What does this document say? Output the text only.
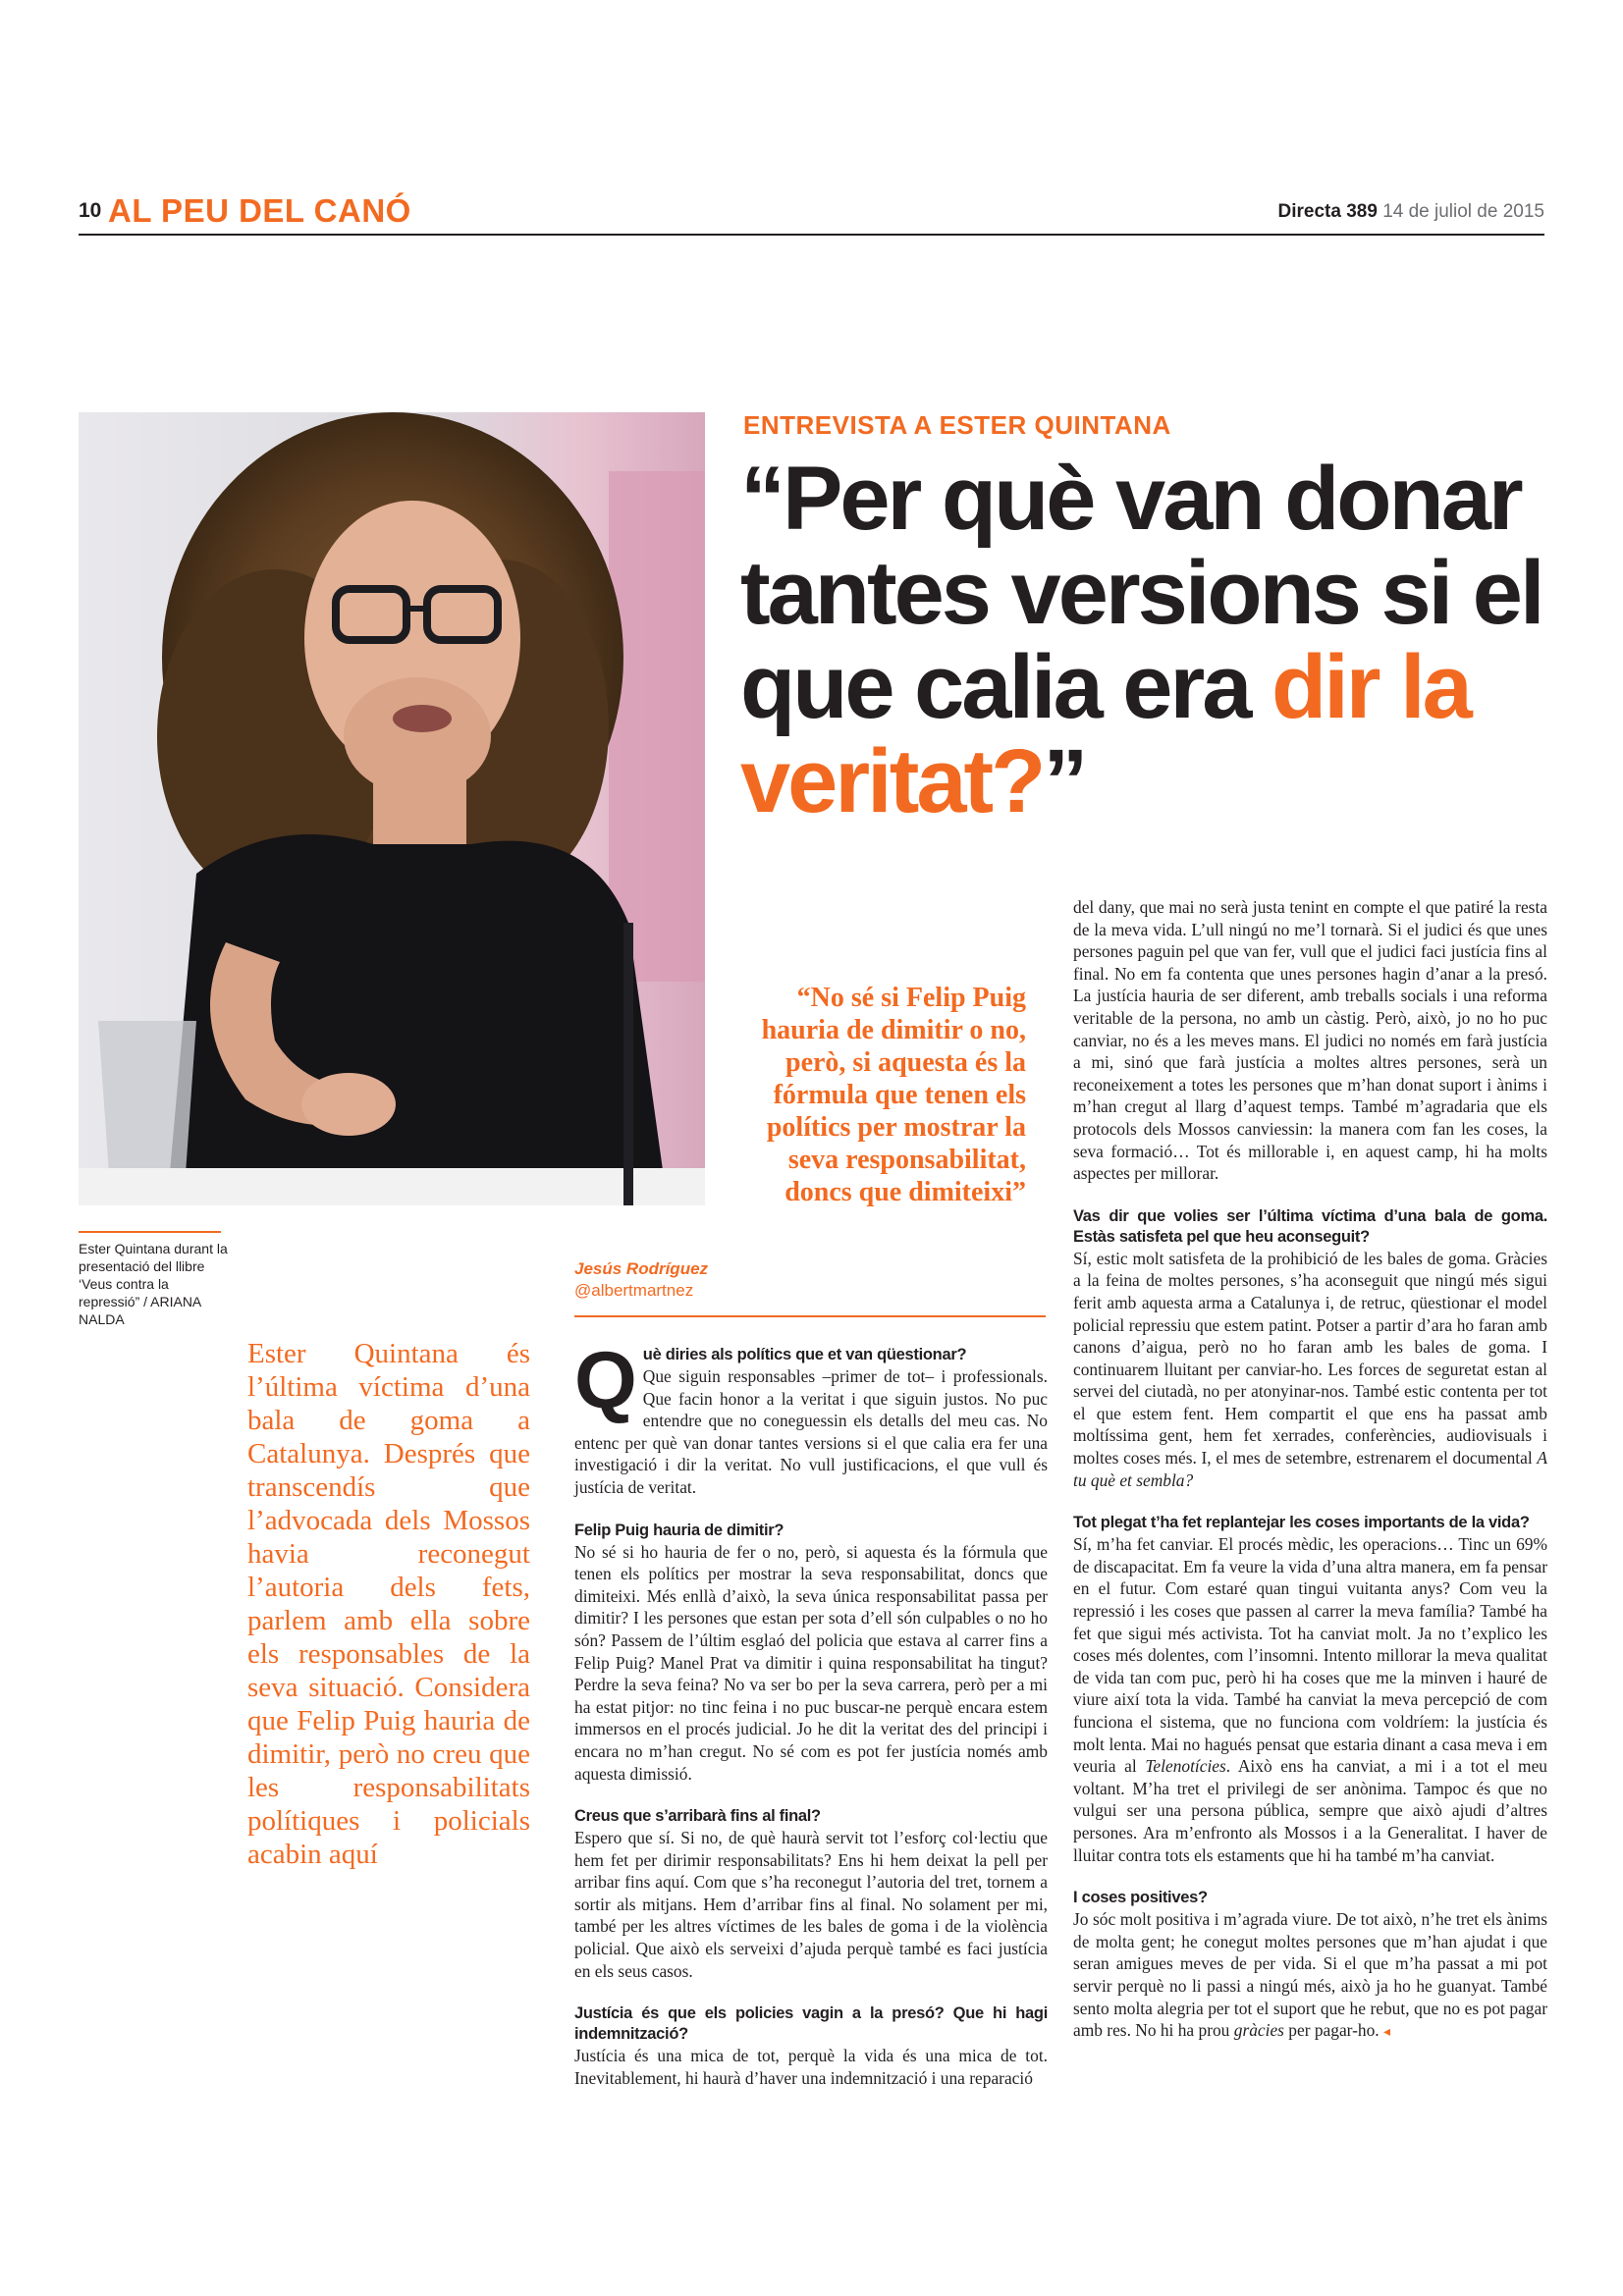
10 AL PEU DEL CANÓ	Directa 389 14 de juliol de 2015
Ester Quintana durant la presentació del llibre ‘Veus contra la repressió” / ARIANA NALDA
ENTREVISTA A ESTER QUINTANA
“Per què van donar tantes versions si el que calia era dir la veritat?”
Ester Quintana és l’última víctima d’una bala de goma a Catalunya. Després que transcendís que l’advocada dels Mossos havia reconegut l’autoria dels fets, parlem amb ella sobre els responsables de la seva situació. Considera que Felip Puig hauria de dimitir, però no creu que les responsabilitats polítiques i policials acabin aquí
“No sé si Felip Puig hauria de dimitir o no, però, si aquesta és la fórmula que tenen els polítics per mostrar la seva responsabilitat, doncs que dimiteixi”
Jesús Rodríguez
@albertmartnez
Q uè diries als polítics que et van qüestionar?

Que siguin responsables –primer de tot– i professionals. Que facin honor a la veritat i que siguin justos. No puc entendre que no coneguessin els detalls del meu cas. No entenc per què van donar tantes versions si el que calia era fer una investigació i dir la veritat. No vull justificacions, el que vull és justícia de veritat.

Felip Puig hauria de dimitir?

No sé si ho hauria de fer o no, però, si aquesta és la fórmula que tenen els polítics per mostrar la seva responsabilitat, doncs que dimiteixi. Més enllà d’això, la seva única responsabilitat passa per dimitir? I les persones que estan per sota d’ell són culpables o no ho són? Passem de l’últim esglaó del policia que estava al carrer fins a Felip Puig? Manel Prat va dimitir i quina responsabilitat ha tingut? Perdre la seva feina? No va ser bo per la seva carrera, però per a mi ha estat pitjor: no tinc feina i no puc buscar-ne perquè encara estem immersos en el procés judicial. Jo he dit la veritat des del principi i encara no m’han cregut. No sé com es pot fer justícia només amb aquesta dimissió.

Creus que s’arribarà fins al final?

Espero que sí. Si no, de què haurà servit tot l’esforç col·lectiu que hem fet per dirimir responsabilitats? Ens hi hem deixat la pell per arribar fins aquí. Com que s’ha reconegut l’autoria del tret, tornem a sortir als mitjans. Hem d’arribar fins al final. No solament per mi, també per les altres víctimes de les bales de goma i de la violència policial. Que això els serveixi d’ajuda perquè també es faci justícia en els seus casos.

Justícia és que els policies vagin a la presó? Que hi hagi indemnització?

Justícia és una mica de tot, perquè la vida és una mica de tot. Inevitablement, hi haurà d’haver una indemnització i una reparació

del dany, que mai no serà justa tenint en compte el que patiré la resta de la meva vida. L’ull ningú no me’l tornarà. Si el judici és que unes persones paguin pel que van fer, vull que el judici faci justícia fins al final. No em fa contenta que unes persones hagin d’anar a la presó. La justícia hauria de ser diferent, amb treballs socials i una reforma veritable de la persona, no amb un càstig. Però, això, jo no ho puc canviar, no és a les meves mans. El judici no només em farà justícia a mi, sinó que farà justícia a moltes altres persones, serà un reconeixement a totes les persones que m’han donat suport i ànims i m’han cregut al llarg d’aquest temps. També m’agradaria que els protocols dels Mossos canviessin: la manera com fan les coses, la seva formació… Tot és millorable i, en aquest camp, hi ha molts aspectes per millorar.

Vas dir que volies ser l’última víctima d’una bala de goma. Estàs satisfeta pel que heu aconseguit?

Sí, estic molt satisfeta de la prohibició de les bales de goma. Gràcies a la feina de moltes persones, s’ha aconseguit que ningú més sigui ferit amb aquesta arma a Catalunya i, de retruc, qüestionar el model policial repressiu que estem patint. Potser a partir d’ara ho faran amb canons d’aigua, però no ho faran amb les bales de goma. I continuarem lluitant per canviar-ho. Les forces de seguretat estan al servei del ciutadà, no per atonyinar-nos. També estic contenta per tot el que estem fent. Hem compartit el que ens ha passat amb moltíssima gent, hem fet xerrades, conferències, audiovisuals i moltes coses més. I, el mes de setembre, estrenarem el documental A tu què et sembla?

Tot plegat t’ha fet replantejar les coses importants de la vida?

Sí, m’ha fet canviar. El procés mèdic, les operacions… Tinc un 69% de discapacitat. Em fa veure la vida d’una altra manera, em fa pensar en el futur. Com estaré quan tingui vuitanta anys? Com veu la repressió i les coses que passen al carrer la meva família? També ha fet que sigui més activista. Tot ha canviat molt. Ja no t’explico les coses més dolentes, com l’insomni. Intento millorar la meva qualitat de vida tan com puc, però hi ha coses que me la minven i hauré de viure així tota la vida. També ha canviat la meva percepció de com funciona el sistema, que no funciona com voldríem: la justícia és molt lenta. Mai no hagués pensat que estaria dinant a casa meva i em veuria al Telenotícies. Això ens ha canviat, a mi i a tot el meu voltant. M’ha tret el privilegi de ser anònima. Tampoc és que no vulgui ser una persona pública, sempre que això ajudi d’altres persones. Ara m’enfronto als Mossos i a la Generalitat. I haver de lluitar contra tots els estaments que hi ha també m’ha canviat.

I coses positives?

Jo sóc molt positiva i m’agrada viure. De tot això, n’he tret els ànims de molta gent; he conegut moltes persones que m’han ajudat i que seran amigues meves de per vida. Si el que m’ha passat a mi pot servir perquè no li passi a ningú més, això ja ho he guanyat. També sento molta alegria per tot el suport que he rebut, que no es pot pagar amb res. No hi ha prou gràcies per pagar-ho. ◂
